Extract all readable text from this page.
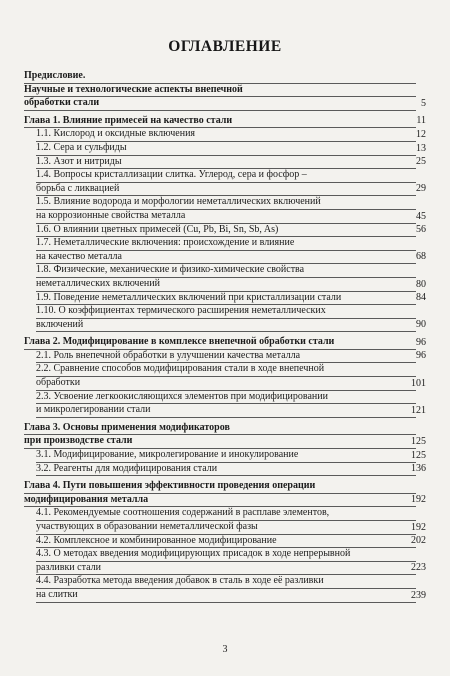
ОГЛАВЛЕНИЕ
Предисловие.
Научные и технологические аспекты внепечной
обработки стали	5
Глава 1. Влияние примесей на качество стали	11
1.1. Кислород и оксидные включения	12
1.2. Сера и сульфиды	13
1.3. Азот и нитриды	25
1.4. Вопросы кристаллизации слитка. Углерод, сера и фосфор –
борьба с ликвацией	29
1.5. Влияние водорода и морфологии неметаллических включений
на коррозионные свойства металла	45
1.6. О влиянии цветных примесей (Cu, Pb, Bi, Sn, Sb, As)	56
1.7. Неметаллические включения: происхождение и влияние
на качество металла	68
1.8. Физические, механические и физико-химические свойства
неметаллических включений	80
1.9. Поведение неметаллических включений при кристаллизации стали	84
1.10. О коэффициентах термического расширения неметаллических
включений	90
Глава 2. Модифицирование в комплексе внепечной обработки стали	96
2.1. Роль внепечной обработки в улучшении качества металла	96
2.2. Сравнение способов модифицирования стали в ходе внепечной
обработки	101
2.3. Усвоение легкоокисляющихся элементов при модифицировании
и микролегировании стали	121
Глава 3. Основы применения модификаторов
при производстве стали	125
3.1. Модифицирование, микролегирование и инокулирование	125
3.2. Реагенты для модифицирования стали	136
Глава 4. Пути повышения эффективности проведения операции
модифицирования металла	192
4.1. Рекомендуемые соотношения содержаний в расплаве элементов,
участвующих в образовании неметаллической фазы	192
4.2. Комплексное и комбинированное модифицирование	202
4.3. О методах введения модифицирующих присадок в ходе непрерывной
разливки стали	223
4.4. Разработка метода введения добавок в сталь в ходе её разливки
на слитки	239
3
